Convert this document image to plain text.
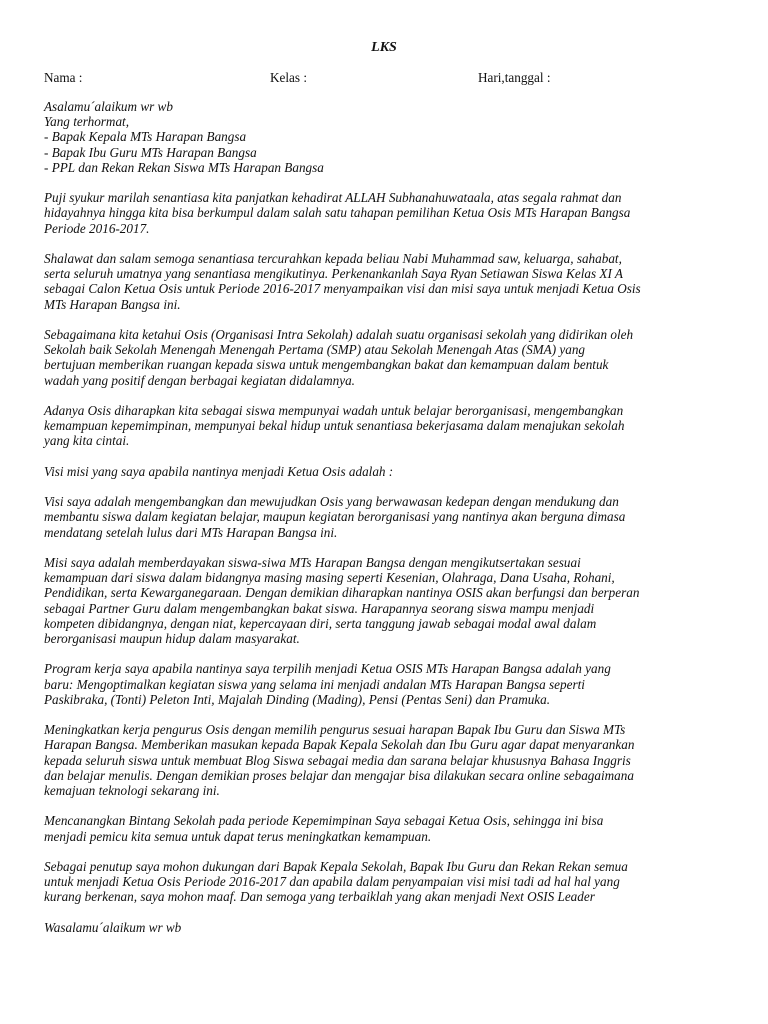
LKS
Nama :	Kelas :	Hari,tanggal :

Asalamu´alaikum wr wb
Yang terhormat,
- Bapak Kepala MTs Harapan Bangsa
- Bapak Ibu Guru MTs Harapan Bangsa
- PPL dan Rekan Rekan Siswa MTs Harapan Bangsa

Puji syukur marilah senantiasa kita panjatkan kehadirat ALLAH Subhanahuwataala, atas segala rahmat dan
hidayahnya hingga kita bisa berkumpul dalam salah satu tahapan pemilihan Ketua Osis MTs Harapan Bangsa
Periode 2016-2017.

Shalawat dan salam semoga senantiasa tercurahkan kepada beliau Nabi Muhammad saw, keluarga, sahabat,
serta seluruh umatnya yang senantiasa mengikutinya. Perkenankanlah Saya Ryan Setiawan Siswa Kelas XI A
sebagai Calon Ketua Osis untuk Periode 2016-2017 menyampaikan visi dan misi saya untuk menjadi Ketua Osis
MTs Harapan Bangsa ini.

Sebagaimana kita ketahui Osis (Organisasi Intra Sekolah) adalah suatu organisasi sekolah yang didirikan oleh
Sekolah baik Sekolah Menengah Menengah Pertama (SMP) atau Sekolah Menengah Atas (SMA) yang
bertujuan memberikan ruangan kepada siswa untuk mengembangkan bakat dan kemampuan dalam bentuk
wadah yang positif dengan berbagai kegiatan didalamnya.

Adanya Osis diharapkan kita sebagai siswa mempunyai wadah untuk belajar berorganisasi, mengembangkan
kemampuan kepemimpinan, mempunyai bekal hidup untuk senantiasa bekerjasama dalam menajukan sekolah
yang kita cintai.

Visi misi yang saya apabila nantinya menjadi Ketua Osis adalah :

Visi saya adalah mengembangkan dan mewujudkan Osis yang berwawasan kedepan dengan mendukung dan
membantu siswa dalam kegiatan belajar, maupun kegiatan berorganisasi yang nantinya akan berguna dimasa
mendatang setelah lulus dari MTs Harapan Bangsa ini.

Misi saya adalah memberdayakan siswa-siwa MTs Harapan Bangsa dengan mengikutsertakan sesuai
kemampuan dari siswa dalam bidangnya masing masing seperti Kesenian, Olahraga, Dana Usaha, Rohani,
Pendidikan, serta Kewarganegaraan. Dengan demikian diharapkan nantinya OSIS akan berfungsi dan berperan
sebagai Partner Guru dalam mengembangkan bakat siswa. Harapannya seorang siswa mampu menjadi
kompeten dibidangnya, dengan niat, kepercayaan diri, serta tanggung jawab sebagai modal awal dalam
berorganisasi maupun hidup dalam masyarakat.

Program kerja saya apabila nantinya saya terpilih menjadi Ketua OSIS MTs Harapan Bangsa adalah yang
baru: Mengoptimalkan kegiatan siswa yang selama ini menjadi andalan MTs Harapan Bangsa seperti
Paskibraka, (Tonti) Peleton Inti, Majalah Dinding (Mading), Pensi (Pentas Seni) dan Pramuka.

Meningkatkan kerja pengurus Osis dengan memilih pengurus sesuai harapan Bapak Ibu Guru dan Siswa MTs
Harapan Bangsa. Memberikan masukan kepada Bapak Kepala Sekolah dan Ibu Guru agar dapat menyarankan
kepada seluruh siswa untuk membuat Blog Siswa sebagai media dan sarana belajar khususnya Bahasa Inggris
dan belajar menulis. Dengan demikian proses belajar dan mengajar bisa dilakukan secara online sebagaimana
kemajuan teknologi sekarang ini.

Mencanangkan Bintang Sekolah pada periode Kepemimpinan Saya sebagai Ketua Osis, sehingga ini bisa
menjadi pemicu kita semua untuk dapat terus meningkatkan kemampuan.

Sebagai penutup saya mohon dukungan dari Bapak Kepala Sekolah, Bapak Ibu Guru dan Rekan Rekan semua
untuk menjadi Ketua Osis Periode 2016-2017 dan apabila dalam penyampaian visi misi tadi ad hal hal yang
kurang berkenan, saya mohon maaf. Dan semoga yang terbaiklah yang akan menjadi Next OSIS Leader

Wasalamu´alaikum wr wb
